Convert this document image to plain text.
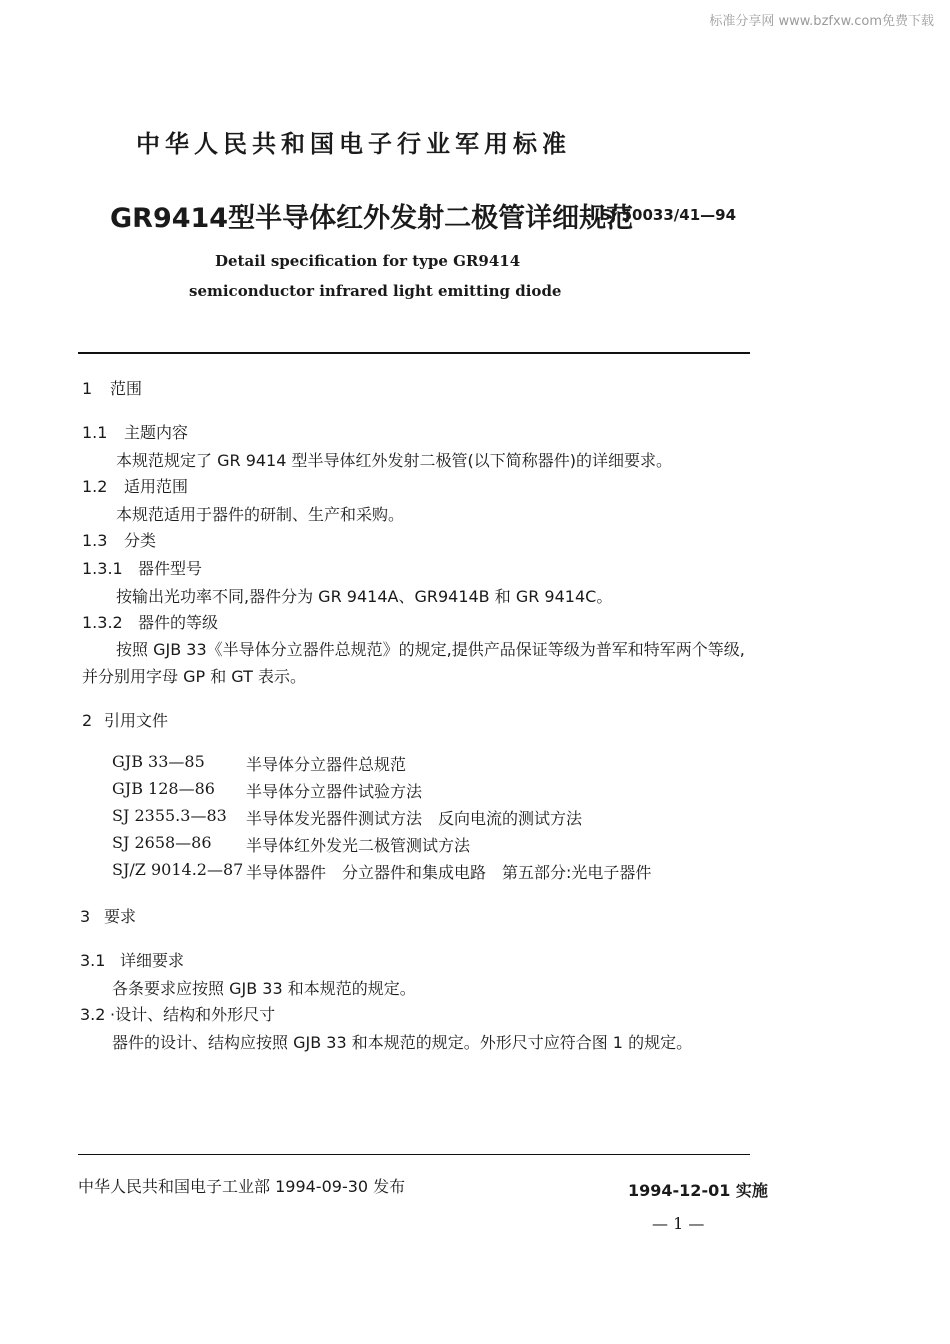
标准分享网 www.bzfxw.com免费下载
中华人民共和国电子行业军用标准
GR9414型半导体红外发射二极管详细规范
SJ 50033/41—94
Detail specification for type GR9414
semiconductor infrared light emitting diode
1 范围
1.1 主题内容
本规范规定了 GR 9414 型半导体红外发射二极管(以下简称器件)的详细要求。
1.2 适用范围
本规范适用于器件的研制、生产和采购。
1.3 分类
1.3.1 器件型号
按输出光功率不同,器件分为 GR 9414A、GR9414B 和 GR 9414C。
1.3.2 器件的等级
按照 GJB 33《半导体分立器件总规范》的规定,提供产品保证等级为普军和特军两个等级,并分别用字母 GP 和 GT 表示。
2 引用文件
GJB 33—85	半导体分立器件总规范
GJB 128—86 半导体分立器件试验方法
SJ 2355.3—83 半导体发光器件测试方法　反向电流的测试方法
SJ 2658—86 半导体红外发光二极管测试方法
SJ/Z 9014.2—87 半导体器件　分立器件和集成电路　第五部分:光电子器件
3 要求
3.1 详细要求
各条要求应按照 GJB 33 和本规范的规定。
3.2 ·设计、结构和外形尺寸
器件的设计、结构应按照 GJB 33 和本规范的规定。外形尺寸应符合图 1 的规定。
中华人民共和国电子工业部 1994-09-30 发布	1994-12-01 实施
— 1 —
